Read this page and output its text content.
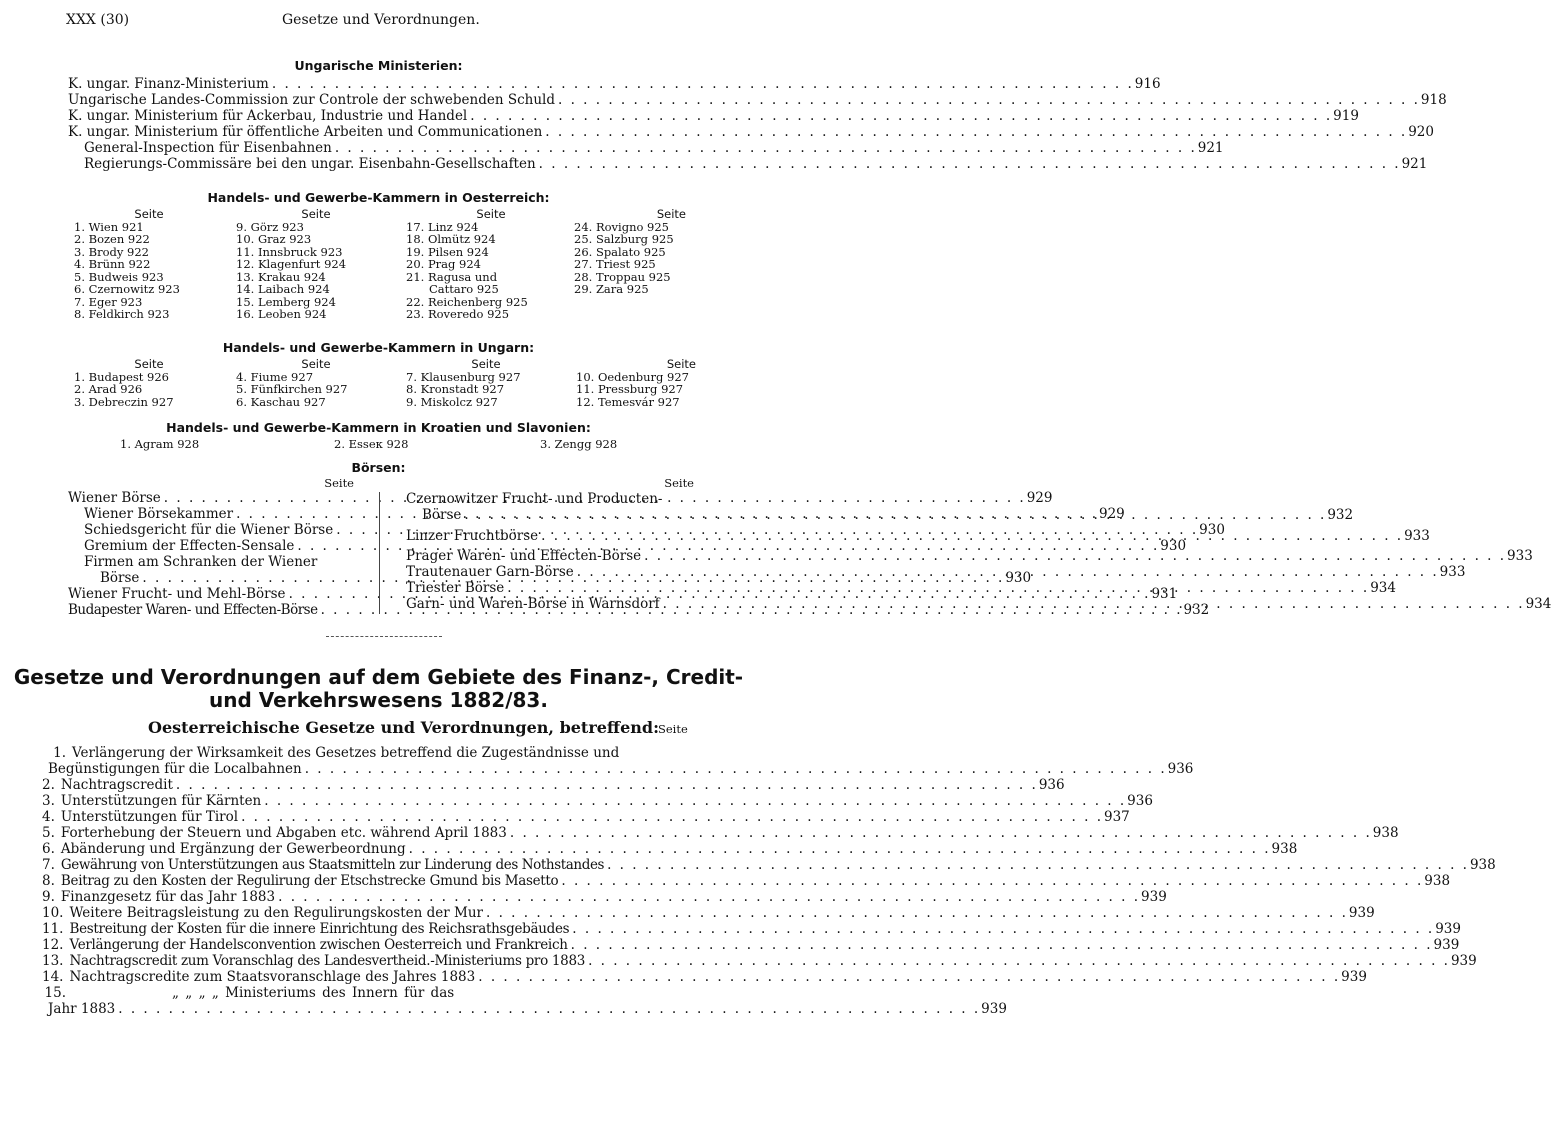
XXX (30)	Gesetze und Verordnungen.
Ungarische Ministerien:
K. ungar. Finanz-Ministerium . . .	916
Ungarische Landes-Commission zur Controle der schwebenden Schuld . . .	918
K. ungar. Ministerium für Ackerbau, Industrie und Handel . . .	919
K. ungar. Ministerium für öffentliche Arbeiten und Communicationen . . .	920
General-Inspection für Eisenbahnen . . .	921
Regierungs-Commissäre bei den ungar. Eisenbahn-Gesellschaften . . .	921
Handels- und Gewerbe-Kammern in Oesterreich:
Seite
1. Wien 921
2. Bozen 922
3. Brody 922
4. Brünn 922
5. Budweis 923
6. Czernowitz 923
7. Eger 923
8. Feldkirch 923
Seite
9. Görz 923
10. Graz 923
11. Innsbruck 923
12. Klagenfurt 924
13. Krakau 924
14. Laibach 924
15. Lemberg 924
16. Leoben 924
Seite
17. Linz 924
18. Olmütz 924
19. Pilsen 924
20. Prag 924
21. Ragusa und
Cattaro 925
22. Reichenberg 925
23. Roveredo 925
Seite
24. Rovigno 925
25. Salzburg 925
26. Spalato 925
27. Triest 925
28. Troppau 925
29. Zara 925
Handels- und Gewerbe-Kammern in Ungarn:
Seite
1. Budapest 926
2. Arad 926
3. Debreczin 927
Seite
4. Fiume 927
5. Fünfkirchen 927
6. Kaschau 927
Seite
7. Klausenburg 927
8. Kronstadt 927
9. Miskolcz 927
Seite
10. Oedenburg 927
11. Pressburg 927
12. Temesvár 927
Handels- und Gewerbe-Kammern in Kroatien und Slavonien:
1. Agram 928	2. Esseк 928	3. Zengg 928
Börsen:
Seite	Seite
Wiener Börse . . .	929
Wiener Börsekammer . . .	929
Schiedsgericht für die Wiener Börse . . .	930
Gremium der Effecten-Sensale . . .	930
Firmen am Schranken der Wiener
Börse . . .	930
Wiener Frucht- und Mehl-Börse . . .	931
Budapester Waren- und Effecten-Börse . . .	932
Czernowitzer Frucht- und Producten-
Börse . . .	932
Linzer Fruchtbörse . . .	933
Prager Waren- und Effecten-Börse . . .	933
Trautenauer Garn-Börse . . .	933
Triester Börse . . .	934
Garn- und Waren-Börse in Warnsdorf . . .	934
Gesetze und Verordnungen auf dem Gebiete des Finanz-, Credit-
und Verkehrswesens 1882/83.
Oesterreichische Gesetze und Verordnungen, betreffend: Seite
1. Verlängerung der Wirksamkeit des Gesetzes betreffend die Zugeständnisse und
Begünstigungen für die Localbahnen . . .	936
2. Nachtragscredit . . .	936
3. Unterstützungen für Kärnten . . .	936
4. Unterstützungen für Tirol . . .	937
5. Forterhebung der Steuern und Abgaben etc. während April 1883 . . .	938
6. Abänderung und Ergänzung der Gewerbeordnung . . .	938
7. Gewährung von Unterstützungen aus Staatsmitteln zur Linderung des Nothstandes . . .	938
8. Beitrag zu den Kosten der Regulirung der Etschstrecke Gmund bis Masetto . . .	938
9. Finanzgesetz für das Jahr 1883 . . .	939
10. Weitere Beitragsleistung zu den Regulirungskosten der Mur . . .	939
11. Bestreitung der Kosten für die innere Einrichtung des Reichsrathsgebäudes . . .	939
12. Verlängerung der Handelsconvention zwischen Oesterreich und Frankreich . . .	939
13. Nachtragscredit zum Voranschlag des Landesvertheid.-Ministeriums pro 1883 . . .	939
14. Nachtragscredite zum Staatsvoranschlage des Jahres 1883 . . .	939
15.	„ „ „ „ Ministeriums des Innern für das
Jahr 1883 . . .	939
